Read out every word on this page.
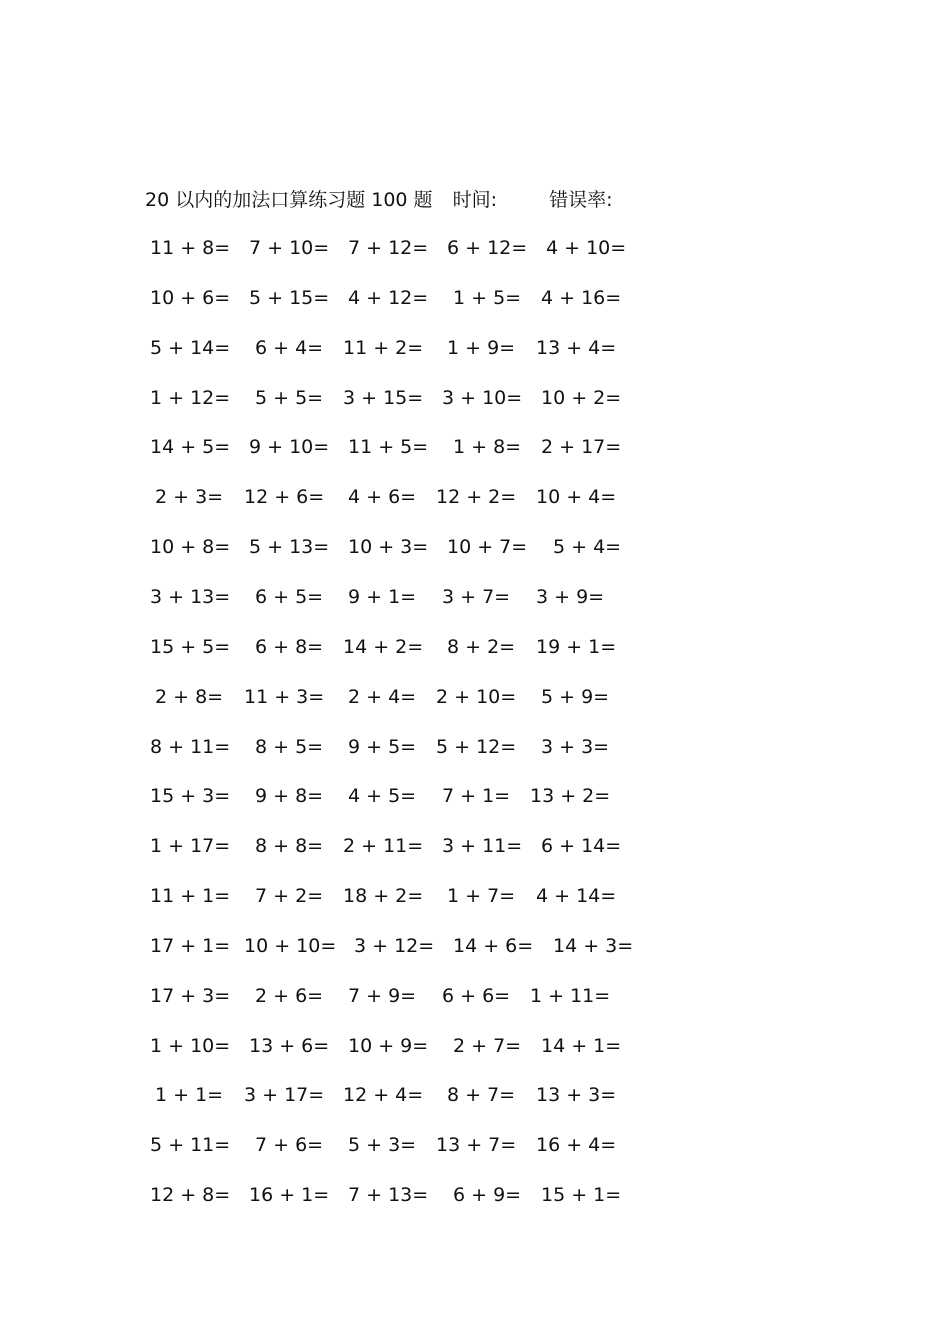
20 以内的加法口算练习题 100 题 时间:	错误率:
11 + 8= 7 + 10= 7 + 12= 6 + 12= 4 + 10=
10 + 6= 5 + 15= 4 + 12= 1 + 5= 4 + 16=
5 + 14= 6 + 4= 11 + 2= 1 + 9= 13 + 4=
1 + 12= 5 + 5= 3 + 15= 3 + 10= 10 + 2=
14 + 5= 9 + 10= 11 + 5= 1 + 8= 2 + 17=
2 + 3= 12 + 6= 4 + 6= 12 + 2= 10 + 4=
10 + 8= 5 + 13= 10 + 3= 10 + 7= 5 + 4=
3 + 13= 6 + 5= 9 + 1= 3 + 7= 3 + 9=
15 + 5= 6 + 8= 14 + 2= 8 + 2= 19 + 1=
2 + 8= 11 + 3= 2 + 4= 2 + 10= 5 + 9=
8 + 11= 8 + 5= 9 + 5= 5 + 12= 3 + 3=
15 + 3= 9 + 8= 4 + 5= 7 + 1= 13 + 2=
1 + 17= 8 + 8= 2 + 11= 3 + 11= 6 + 14=
11 + 1= 7 + 2= 18 + 2= 1 + 7= 4 + 14=
17 + 1= 10 + 10= 3 + 12= 14 + 6= 14 + 3=
17 + 3= 2 + 6= 7 + 9= 6 + 6= 1 + 11=
1 + 10= 13 + 6= 10 + 9= 2 + 7= 14 + 1=
1 + 1= 3 + 17= 12 + 4= 8 + 7= 13 + 3=
5 + 11= 7 + 6= 5 + 3= 13 + 7= 16 + 4=
12 + 8= 16 + 1= 7 + 13= 6 + 9= 15 + 1=
